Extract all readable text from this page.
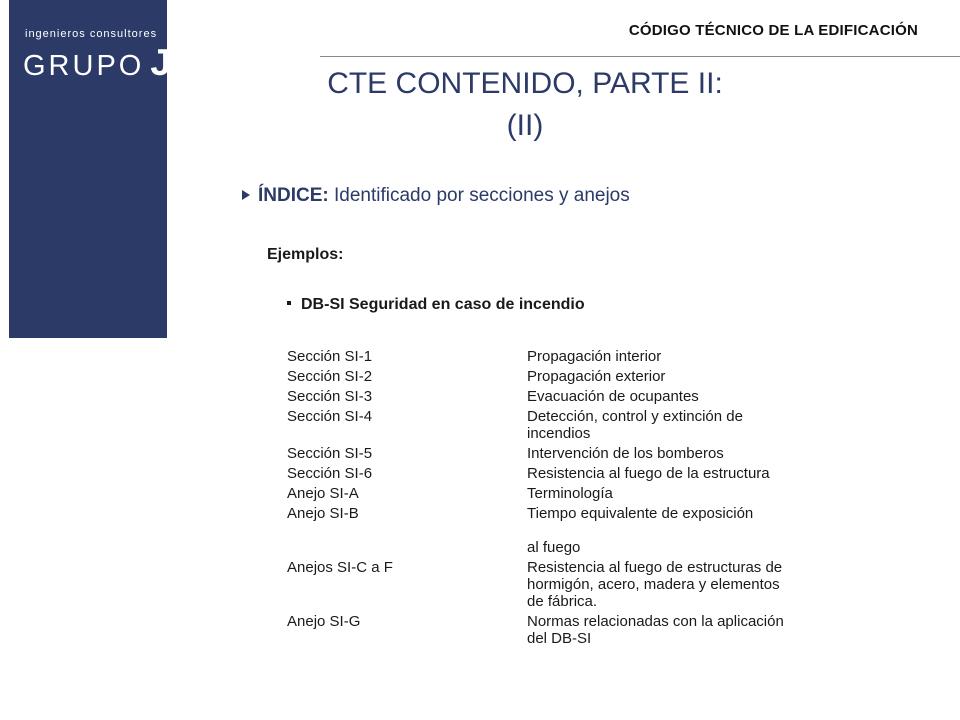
ingenieros consultores
GRUPO JG
CÓDIGO TÉCNICO DE LA EDIFICACIÓN
CTE CONTENIDO, PARTE II:
(II)
ÍNDICE: Identificado por secciones y anejos
Ejemplos:
DB-SI Seguridad en caso de incendio
Sección SI-1	Propagación interior
Sección SI-2	Propagación exterior
Sección SI-3	Evacuación de ocupantes
Sección SI-4	Detección, control y extinción de
incendios
Sección SI-5	Intervención de los bomberos
Sección SI-6	Resistencia al fuego de la estructura
Anejo SI-A	Terminología
Anejo SI-B	Tiempo equivalente de exposición

al fuego
Anejos SI-C a F	Resistencia al fuego de estructuras de
hormigón, acero, madera y elementos
de fábrica.
Anejo SI-G	Normas relacionadas con la aplicación
del DB-SI
